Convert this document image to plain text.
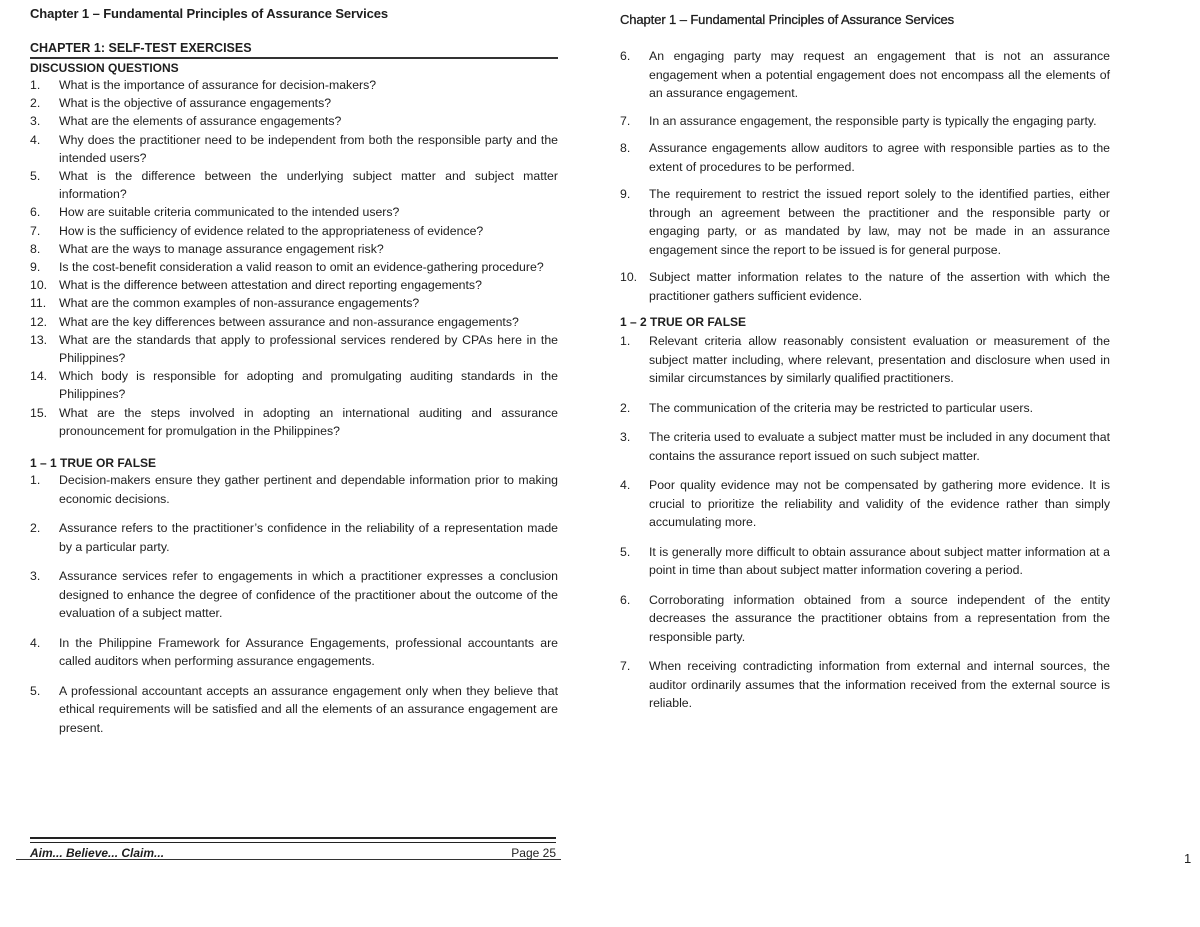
Chapter 1 – Fundamental Principles of Assurance Services
CHAPTER 1: SELF-TEST EXERCISES
DISCUSSION QUESTIONS
1. What is the importance of assurance for decision-makers?
2. What is the objective of assurance engagements?
3. What are the elements of assurance engagements?
4. Why does the practitioner need to be independent from both the responsible party and the intended users?
5. What is the difference between the underlying subject matter and subject matter information?
6. How are suitable criteria communicated to the intended users?
7. How is the sufficiency of evidence related to the appropriateness of evidence?
8. What are the ways to manage assurance engagement risk?
9. Is the cost-benefit consideration a valid reason to omit an evidence-gathering procedure?
10. What is the difference between attestation and direct reporting engagements?
11. What are the common examples of non-assurance engagements?
12. What are the key differences between assurance and non-assurance engagements?
13. What are the standards that apply to professional services rendered by CPAs here in the Philippines?
14. Which body is responsible for adopting and promulgating auditing standards in the Philippines?
15. What are the steps involved in adopting an international auditing and assurance pronouncement for promulgation in the Philippines?
1 – 1 TRUE OR FALSE
1. Decision-makers ensure they gather pertinent and dependable information prior to making economic decisions.
2. Assurance refers to the practitioner’s confidence in the reliability of a representation made by a particular party.
3. Assurance services refer to engagements in which a practitioner expresses a conclusion designed to enhance the degree of confidence of the practitioner about the outcome of the evaluation of a subject matter.
4. In the Philippine Framework for Assurance Engagements, professional accountants are called auditors when performing assurance engagements.
5. A professional accountant accepts an assurance engagement only when they believe that ethical requirements will be satisfied and all the elements of an assurance engagement are present.
Aim... Believe... Claim...	Page 25
Chapter 1 – Fundamental Principles of Assurance Services
6. An engaging party may request an engagement that is not an assurance engagement when a potential engagement does not encompass all the elements of an assurance engagement.
7. In an assurance engagement, the responsible party is typically the engaging party.
8. Assurance engagements allow auditors to agree with responsible parties as to the extent of procedures to be performed.
9. The requirement to restrict the issued report solely to the identified parties, either through an agreement between the practitioner and the responsible party or engaging party, or as mandated by law, may not be made in an assurance engagement since the report to be issued is for general purpose.
10. Subject matter information relates to the nature of the assertion with which the practitioner gathers sufficient evidence.
1 – 2 TRUE OR FALSE
1. Relevant criteria allow reasonably consistent evaluation or measurement of the subject matter including, where relevant, presentation and disclosure when used in similar circumstances by similarly qualified practitioners.
2. The communication of the criteria may be restricted to particular users.
3. The criteria used to evaluate a subject matter must be included in any document that contains the assurance report issued on such subject matter.
4. Poor quality evidence may not be compensated by gathering more evidence. It is crucial to prioritize the reliability and validity of the evidence rather than simply accumulating more.
5. It is generally more difficult to obtain assurance about subject matter information at a point in time than about subject matter information covering a period.
6. Corroborating information obtained from a source independent of the entity decreases the assurance the practitioner obtains from a representation from the responsible party.
7. When receiving contradicting information from external and internal sources, the auditor ordinarily assumes that the information received from the external source is reliable.
1
